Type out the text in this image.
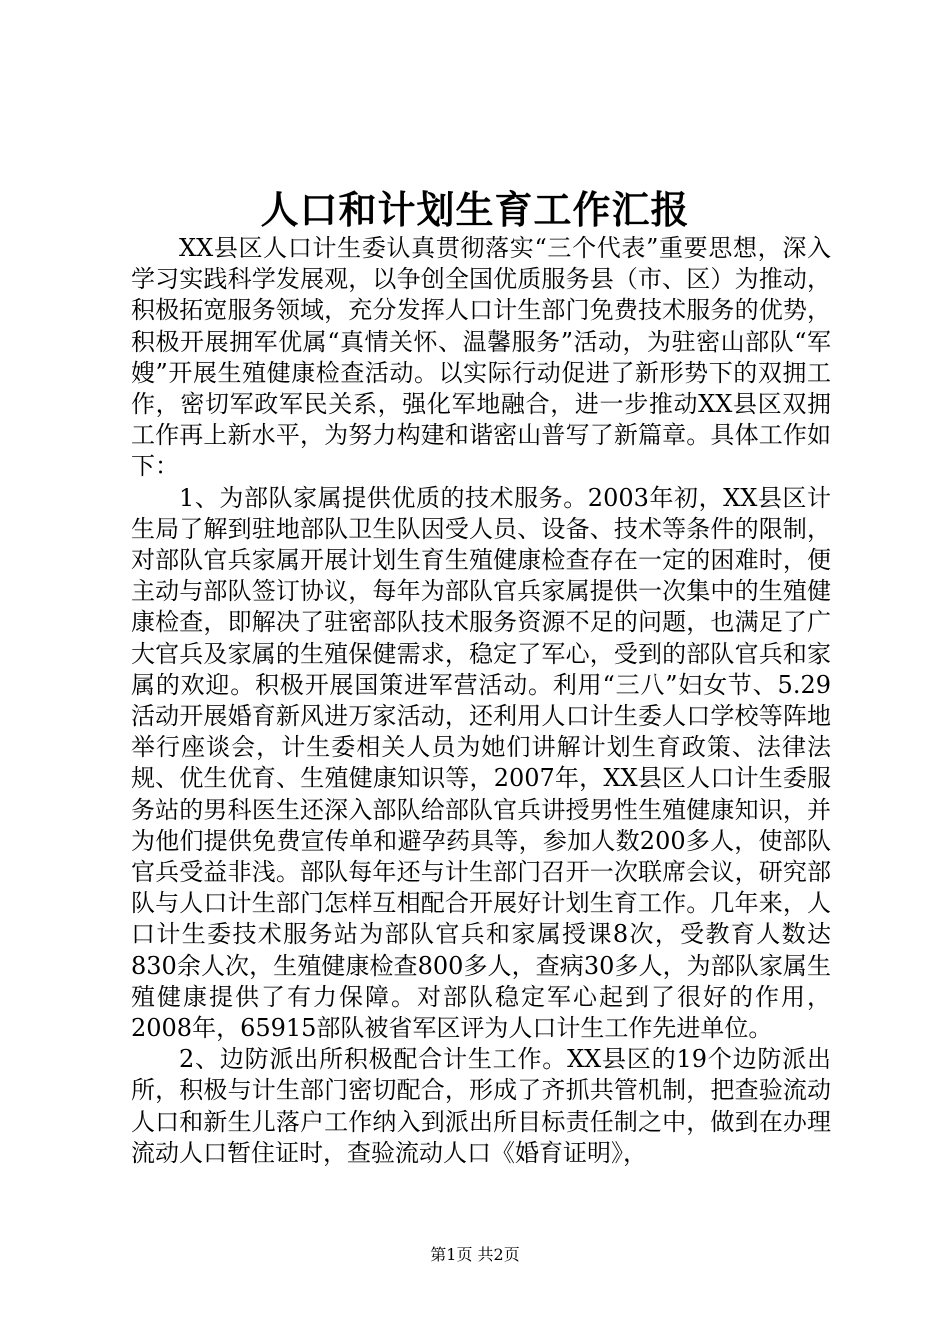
人口和计划生育工作汇报

XX县区人口计生委认真贯彻落实“三个代表”重要思想，深入学习实践科学发展观，以争创全国优质服务县（市、区）为推动，积极拓宽服务领域，充分发挥人口计生部门免费技术服务的优势，积极开展拥军优属“真情关怀、温馨服务”活动，为驻密山部队“军嫂”开展生殖健康检查活动。以实际行动促进了新形势下的双拥工作，密切军政军民关系，强化军地融合，进一步推动XX县区双拥工作再上新水平，为努力构建和谐密山普写了新篇章。具体工作如下：

1、为部队家属提供优质的技术服务。2003年初，XX县区计生局了解到驻地部队卫生队因受人员、设备、技术等条件的限制，对部队官兵家属开展计划生育生殖健康检查存在一定的困难时，便主动与部队签订协议，每年为部队官兵家属提供一次集中的生殖健康检查，即解决了驻密部队技术服务资源不足的问题，也满足了广大官兵及家属的生殖保健需求，稳定了军心，受到的部队官兵和家属的欢迎。积极开展国策进军营活动。利用“三八”妇女节、5.29活动开展婚育新风进万家活动，还利用人口计生委人口学校等阵地举行座谈会，计生委相关人员为她们讲解计划生育政策、法律法规、优生优育、生殖健康知识等，2007年，XX县区人口计生委服务站的男科医生还深入部队给部队官兵讲授男性生殖健康知识，并为他们提供免费宣传单和避孕药具等，参加人数200多人，使部队官兵受益非浅。部队每年还与计生部门召开一次联席会议，研究部队与人口计生部门怎样互相配合开展好计划生育工作。几年来，人口计生委技术服务站为部队官兵和家属授课8次，受教育人数达830余人次，生殖健康检查800多人，查病30多人，为部队家属生殖健康提供了有力保障。对部队稳定军心起到了很好的作用，2008年，65915部队被省军区评为人口计生工作先进单位。

2、边防派出所积极配合计生工作。XX县区的19个边防派出所，积极与计生部门密切配合，形成了齐抓共管机制，把查验流动人口和新生儿落户工作纳入到派出所目标责任制之中，做到在办理流动人口暂住证时，查验流动人口《婚育证明》，

第1页 共2页
